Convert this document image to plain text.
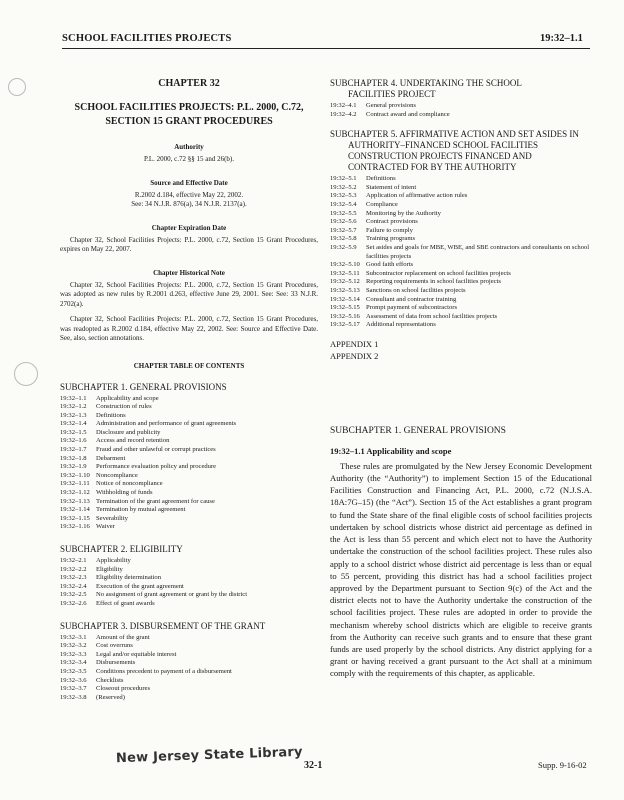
SCHOOL FACILITIES PROJECTS	19:32–1.1
CHAPTER 32
SCHOOL FACILITIES PROJECTS: P.L. 2000, C.72,
SECTION 15 GRANT PROCEDURES
Authority
P.L. 2000, c.72 §§ 15 and 26(b).
Source and Effective Date
R.2002 d.184, effective May 22, 2002.
See: 34 N.J.R. 876(a), 34 N.J.R. 2137(a).
Chapter Expiration Date
Chapter 32, School Facilities Projects: P.L. 2000, c.72, Section 15 Grant Procedures, expires on May 22, 2007.
Chapter Historical Note
Chapter 32, School Facilities Projects: P.L. 2000, c.72, Section 15 Grant Procedures, was adopted as new rules by R.2001 d.263, effective June 29, 2001. See: See: 33 N.J.R. 2702(a).
Chapter 32, School Facilities Projects: P.L. 2000, c.72, Section 15 Grant Procedures, was readopted as R.2002 d.184, effective May 22, 2002. See: Source and Effective Date. See, also, section annotations.
CHAPTER TABLE OF CONTENTS
SUBCHAPTER 1. GENERAL PROVISIONS
19:32–1.1	Applicability and scope
19:32–1.2	Construction of rules
19:32–1.3	Definitions
19:32–1.4	Administration and performance of grant agreements
19:32–1.5	Disclosure and publicity
19:32–1.6	Access and record retention
19:32–1.7	Fraud and other unlawful or corrupt practices
19:32–1.8	Debarment
19:32–1.9	Performance evaluation policy and procedure
19:32–1.10 Noncompliance
19:32–1.11 Notice of noncompliance
19:32–1.12 Withholding of funds
19:32–1.13 Termination of the grant agreement for cause
19:32–1.14 Termination by mutual agreement
19:32–1.15 Severability
19:32–1.16 Waiver
SUBCHAPTER 2. ELIGIBILITY
19:32–2.1	Applicability
19:32–2.2	Eligibility
19:32–2.3	Eligibility determination
19:32–2.4	Execution of the grant agreement
19:32–2.5	No assignment of grant agreement or grant by the district
19:32–2.6	Effect of grant awards
SUBCHAPTER 3. DISBURSEMENT OF THE GRANT
19:32–3.1	Amount of the grant
19:32–3.2	Cost overruns
19:32–3.3	Legal and/or equitable interest
19:32–3.4	Disbursements
19:32–3.5	Conditions precedent to payment of a disbursement
19:32–3.6	Checklists
19:32–3.7	Closeout procedures
19:32–3.8	(Reserved)
SUBCHAPTER 4. UNDERTAKING THE SCHOOL
FACILITIES PROJECT
19:32–4.1	General provisions
19:32–4.2	Contract award and compliance
SUBCHAPTER 5. AFFIRMATIVE ACTION AND SET ASIDES IN AUTHORITY–FINANCED SCHOOL FACILITIES CONSTRUCTION PROJECTS FINANCED AND CONTRACTED FOR BY THE AUTHORITY
19:32–5.1	Definitions
19:32–5.2	Statement of intent
19:32–5.3	Application of affirmative action rules
19:32–5.4	Compliance
19:32–5.5	Monitoring by the Authority
19:32–5.6	Contract provisions
19:32–5.7	Failure to comply
19:32–5.8	Training programs
19:32–5.9	Set asides and goals for MBE, WBE, and SBE contractors and consultants on school facilities projects
19:32–5.10 Good faith efforts
19:32–5.11 Subcontractor replacement on school facilities projects
19:32–5.12 Reporting requirements in school facilities projects
19:32–5.13 Sanctions on school facilities projects
19:32–5.14 Consultant and contractor training
19:32–5.15 Prompt payment of subcontractors
19:32–5.16 Assessment of data from school facilities projects
19:32–5.17 Additional representations
APPENDIX 1
APPENDIX 2
SUBCHAPTER 1. GENERAL PROVISIONS
19:32–1.1 Applicability and scope
These rules are promulgated by the New Jersey Economic Development Authority (the “Authority”) to implement Section 15 of the Educational Facilities Construction and Financing Act, P.L. 2000, c.72 (N.J.S.A. 18A:7G–15) (the “Act”). Section 15 of the Act establishes a grant program to fund the State share of the final eligible costs of school facilities projects undertaken by school districts whose district aid percentage as defined in the Act is less than 55 percent and which elect not to have the Authority undertake the construction of the school facilities project. These rules also apply to a school district whose district aid percentage is less than or equal to 55 percent, providing this district has had a school facilities project approved by the Department pursuant to Section 9(c) of the Act and the district elects not to have the Authority undertake the construction of the school facilities project. These rules are adopted in order to provide the mechanism whereby school districts which are eligible to receive grants from the Authority can receive such grants and to ensure that these grant funds are used properly by the school districts. Any district applying for a grant or having received a grant pursuant to the Act shall at a minimum comply with the requirements of this chapter, as applicable.
New Jersey State Library 32-1	Supp. 9-16-02
